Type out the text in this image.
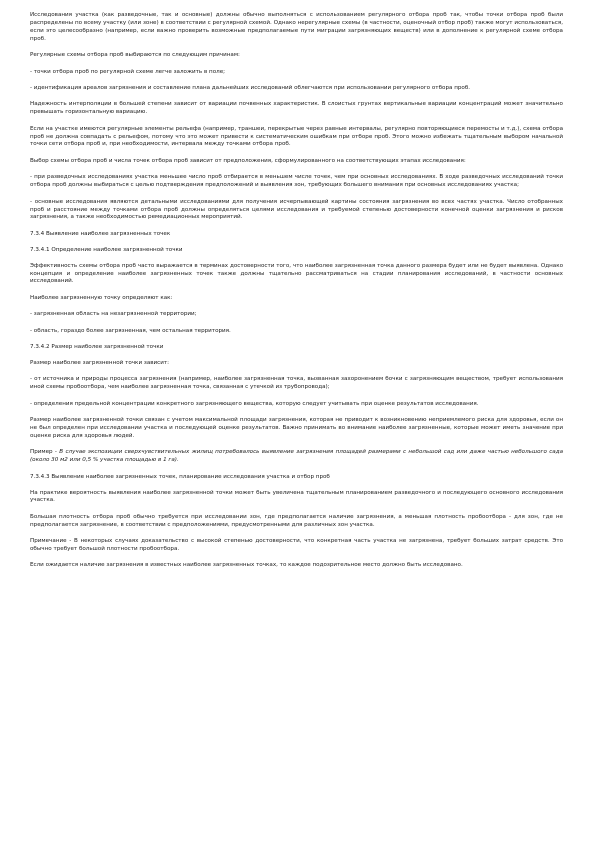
Исследования участка (как разведочные, так и основные) должны обычно выполняться с использованием регулярного отбора проб так, чтобы точки отбора проб были распределены по всему участку (или зоне) в соответствии с регулярной схемой. Однако нерегулярные схемы (в частности, оценочный отбор проб) также могут использоваться, если это целесообразно (например, если важно проверить возможные предполагаемые пути миграции загрязняющих веществ) или в дополнение к регулярной схеме отбора проб.

Регулярные схемы отбора проб выбираются по следующим причинам:

- точки отбора проб по регулярной схеме легче заложить в поле;

- идентификация ареалов загрязнения и составление плана дальнейших исследований облегчаются при использовании регулярного отбора проб.

Надежность интерполяции в большей степени зависит от вариации почвенных характеристик. В слоистых грунтах вертикальные вариации концентраций может значительно превышать горизонтальную вариацию.

Если на участке имеются регулярные элементы рельефа (например, траншеи, перекрытые через равные интервалы, регулярно повторяющиеся перемосты и т.д.), схема отбора проб не должна совпадать с рельефом, потому что это может привести к систематическим ошибкам при отборе проб. Этого можно избежать тщательным выбором начальной точки сети отбора проб и, при необходимости, интервала между точками отбора проб.

Выбор схемы отбора проб и числа точек отбора проб зависит от предположения, сформулированного на соответствующих этапах исследования:

- при разведочных исследованиях участка меньшее число проб отбирается в меньшем числе точек, чем при основных исследованиях. В ходе разведочных исследований точки отбора проб должны выбираться с целью подтверждения предположений и выявления зон, требующих большего внимания при основных исследованиях участка;

- основные исследования являются детальными исследованиями для получения исчерпывающей картины состояния загрязнения во всех частях участка. Число отобранных проб и расстояние между точками отбора проб должны определяться целями исследования и требуемой степенью достоверности конечной оценки загрязнения и рисков загрязнения, а также необходимостью ремедиационных мероприятий.

7.3.4 Выявление наиболее загрязненных точек

7.3.4.1 Определение наиболее загрязненной точки

Эффективность схемы отбора проб часто выражается в терминах достоверности того, что наиболее загрязненная точка данного размера будет или не будет выявлена. Однако концепция и определение наиболее загрязненных точек также должны тщательно рассматриваться на стадии планирования исследований, в частности основных исследований.

Наиболее загрязненную точку определяют как:

- загрязненная область на незагрязненной территории;

- область, гораздо более загрязненная, чем остальная территория.

7.3.4.2 Размер наиболее загрязненной точки

Размер наиболее загрязненной точки зависит:

- от источника и природы процесса загрязнения (например, наиболее загрязненная точка, вызванная захоронением бочки с загрязняющим веществом, требует использования иной схемы пробоотбора, чем наиболее загрязненная точка, связанная с утечкой из трубопровода);

- определения предельной концентрации конкретного загрязняющего вещества, которую следует учитывать при оценке результатов исследования.

Размер наиболее загрязненной точки связан с учетом максимальной площади загрязнения, которая не приводит к возникновению неприемлемого риска для здоровья, если он не был определен при исследовании участка и последующей оценке результатов. Важно принимать во внимание наиболее загрязненные, которые может иметь значение при оценке риска для здоровья людей.

Пример - В случае экспозиции сверхчувствительных жилищ потребовалось выявление загрязнения площадей размерами с небольшой сад или даже частью небольшого сада (около 30 м2 или 0,5 % участка площадью в 1 га).

7.3.4.3 Выявление наиболее загрязненных точек, планирование исследования участка и отбор проб

На практике вероятность выявления наиболее загрязненной точки может быть увеличена тщательным планированием разведочного и последующего основного исследования участка.

Большая плотность отбора проб обычно требуется при исследовании зон, где предполагается наличие загрязнения, а меньшая плотность пробоотбора - для зон, где не предполагается загрязнение, в соответствии с предположениями, предусмотренными для различных зон участка.

Примечание - В некоторых случаях доказательство с высокой степенью достоверности, что конкретная часть участка не загрязнена, требует больших затрат средств. Это обычно требует большой плотности пробоотбора.

Если ожидается наличие загрязнения в известных наиболее загрязненных точках, то каждое подозрительное место должно быть исследовано.
